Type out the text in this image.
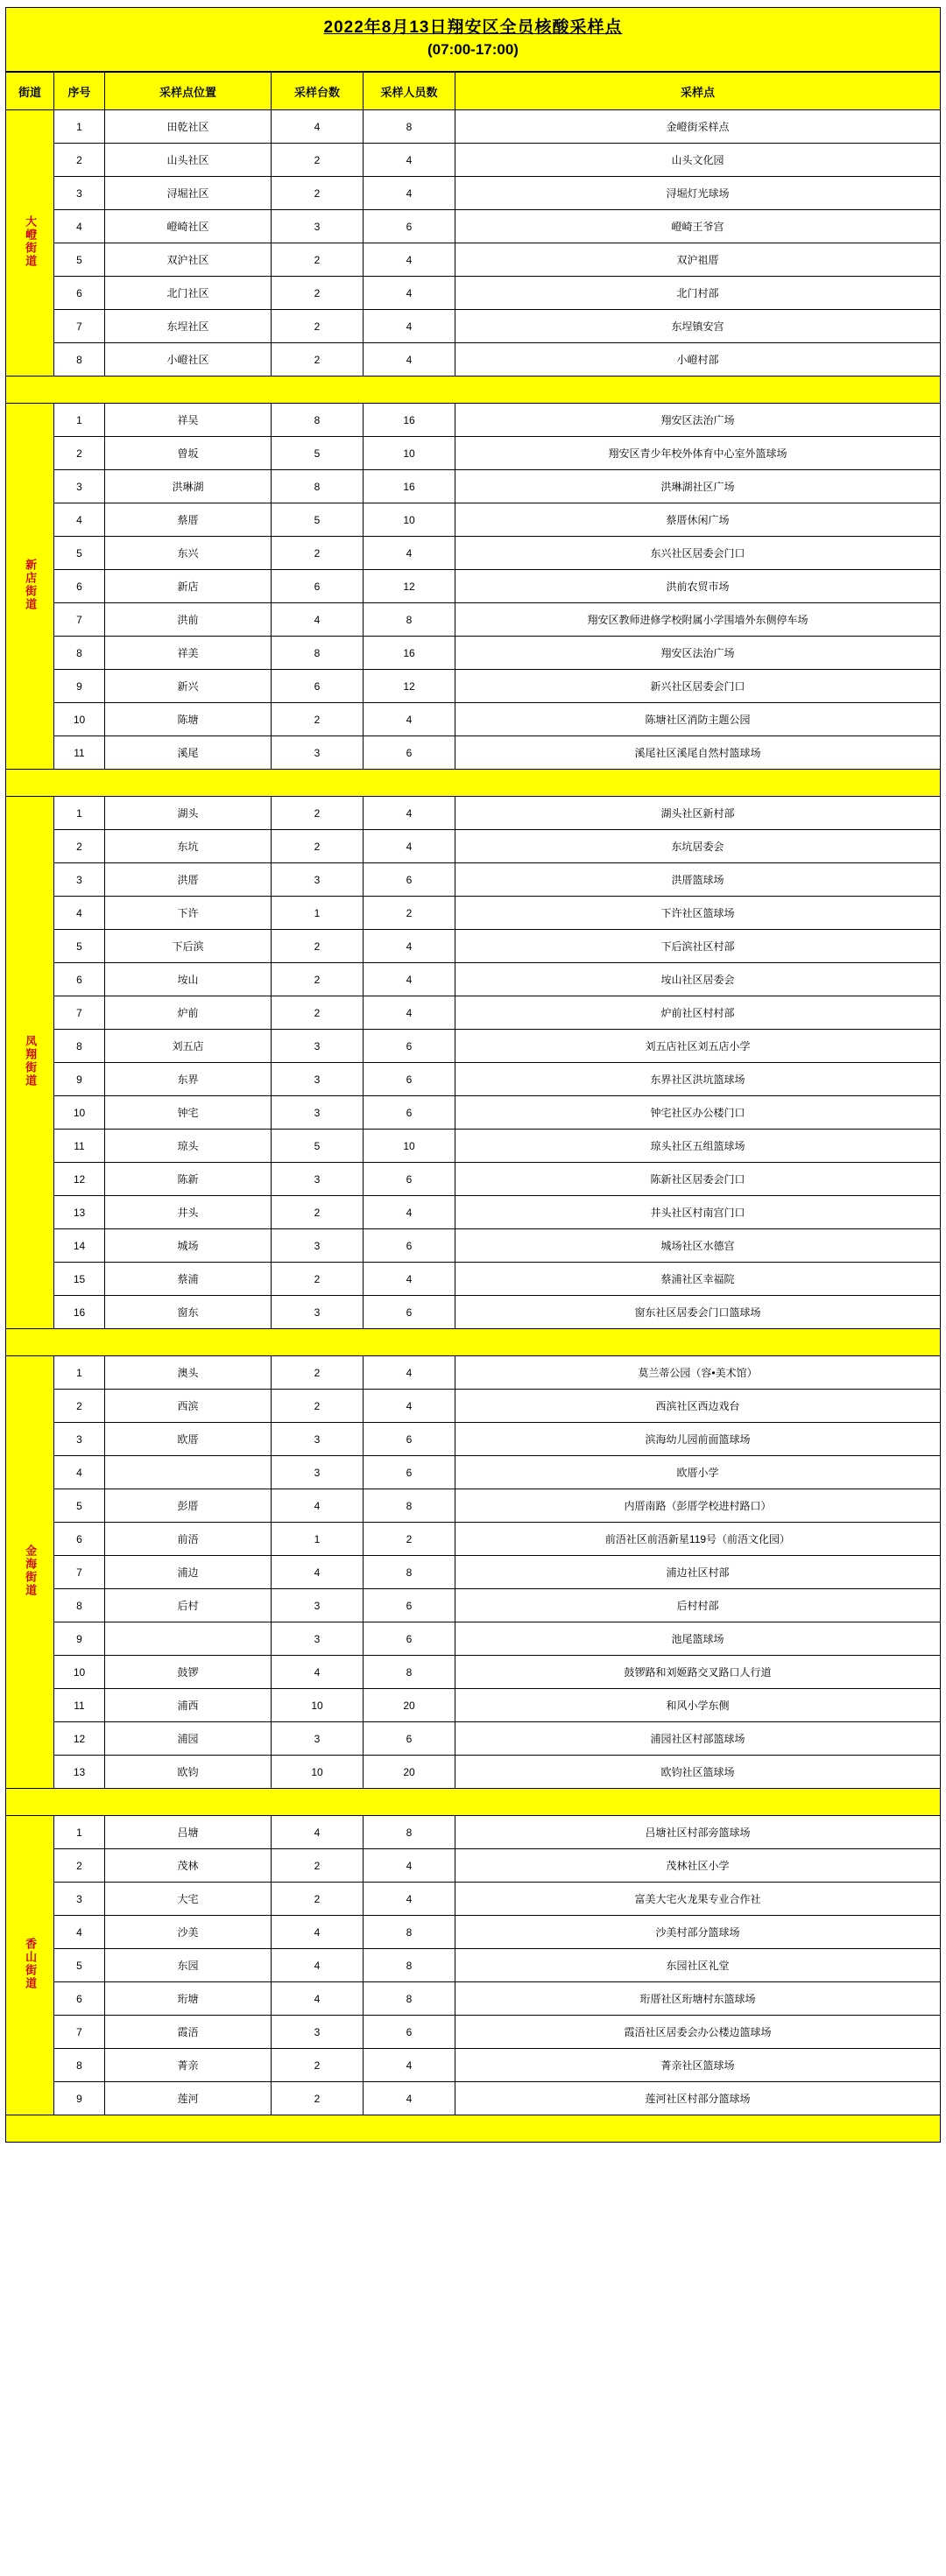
2022年8月13日翔安区全员核酸采样点
(07:00-17:00)
街道	序号	采样点位置	采样台数	采样人员数	采样点
大嶝街道	1	田乾社区	4	8	金嶝街采样点
	2	山头社区	2	4	山头文化园
	3	浔堀社区	2	4	浔堀灯光球场
	4	嶝崎社区	3	6	嶝崎王爷宫
	5	双沪社区	2	4	双沪祖厝
	6	北门社区	2	4	北门村部
	7	东埕社区	2	4	东埕镇安宫
	8	小嶝社区	2	4	小嶝村部

新店街道	1	祥吴	8	16	翔安区法治广场
	2	曾坂	5	10	翔安区青少年校外体育中心室外篮球场
	3	洪琳湖	8	16	洪琳湖社区广场
	4	蔡厝	5	10	蔡厝休闲广场
	5	东兴	2	4	东兴社区居委会门口
	6	新店	6	12	洪前农贸市场
	7	洪前	4	8	翔安区教师进修学校附属小学围墙外东侧停车场
	8	祥美	8	16	翔安区法治广场
	9	新兴	6	12	新兴社区居委会门口
	10	陈塘	2	4	陈塘社区消防主题公园
	11	溪尾	3	6	溪尾社区溪尾自然村篮球场

凤翔街道	1	湖头	2	4	湖头社区新村部
	2	东坑	2	4	东坑居委会
	3	洪厝	3	6	洪厝篮球场
	4	下许	1	2	下许社区篮球场
	5	下后滨	2	4	下后滨社区村部
	6	垵山	2	4	垵山社区居委会
	7	炉前	2	4	炉前社区村村部
	8	刘五店	3	6	刘五店社区刘五店小学
	9	东界	3	6	东界社区洪坑篮球场
	10	钟宅	3	6	钟宅社区办公楼门口
	11	琼头	5	10	琼头社区五组篮球场
	12	陈新	3	6	陈新社区居委会门口
	13	井头	2	4	井头社区村南宫门口
	14	城场	3	6	城场社区水德宫
	15	蔡浦	2	4	蔡浦社区幸福院
	16	窗东	3	6	窗东社区居委会门口篮球场

金海街道	1	澳头	2	4	莫兰蒂公园（容•美术馆）
	2	西滨	2	4	西滨社区西边戏台
	3	欧厝	3	6	滨海幼儿园前面篮球场
	4		3	6	欧厝小学
	5	彭厝	4	8	内厝南路（彭厝学校进村路口）
	6	前浯	1	2	前浯社区前浯新星119号（前浯文化园）
	7	浦边	4	8	浦边社区村部
	8	后村	3	6	后村村部
	9		3	6	池尾篮球场
	10	鼓锣	4	8	鼓锣路和刘姬路交叉路口人行道
	11	浦西	10	20	和风小学东侧
	12	浦园	3	6	浦园社区村部篮球场
	13	欧钧	10	20	欧钧社区篮球场

香山街道	1	吕塘	4	8	吕塘社区村部旁篮球场
	2	茂林	2	4	茂林社区小学
	3	大宅	2	4	富美大宅火龙果专业合作社
	4	沙美	4	8	沙美村部分篮球场
	5	东园	4	8	东园社区礼堂
	6	珩塘	4	8	珩厝社区珩塘村东篮球场
	7	霞浯	3	6	霞浯社区居委会办公楼边篮球场
	8	菁亲	2	4	菁亲社区篮球场
	9	莲河	2	4	莲河社区村部分篮球场
